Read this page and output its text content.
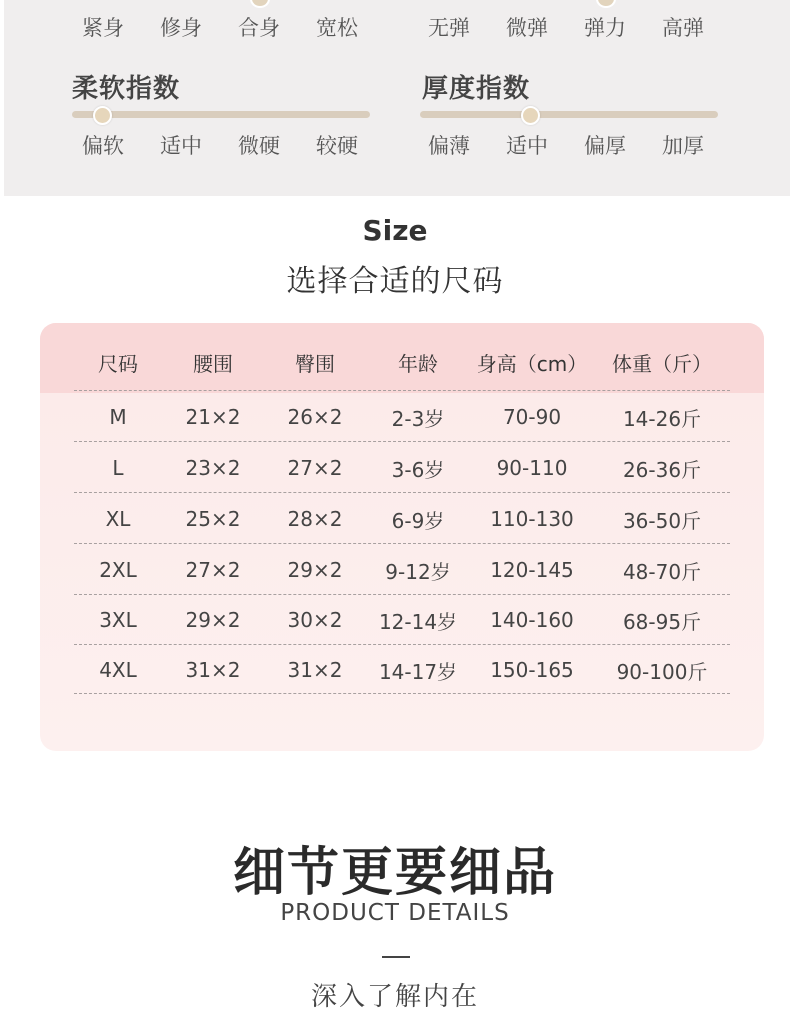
紧身	修身	合身	宽松	无弹	微弹	弹力	高弹
柔软指数
偏软	适中	微硬	较硬
厚度指数
偏薄	适中	偏厚	加厚
Size
选择合适的尺码
尺码	腰围	臀围	年龄	身高（cm）	体重（斤）
M	21×2	26×2	2-3岁	70-90	14-26斤
L	23×2	27×2	3-6岁	90-110	26-36斤
XL	25×2	28×2	6-9岁	110-130	36-50斤
2XL	27×2	29×2	9-12岁	120-145	48-70斤
3XL	29×2	30×2	12-14岁	140-160	68-95斤
4XL	31×2	31×2	14-17岁	150-165	90-100斤
细节更要细品
PRODUCT DETAILS
深入了解内在
